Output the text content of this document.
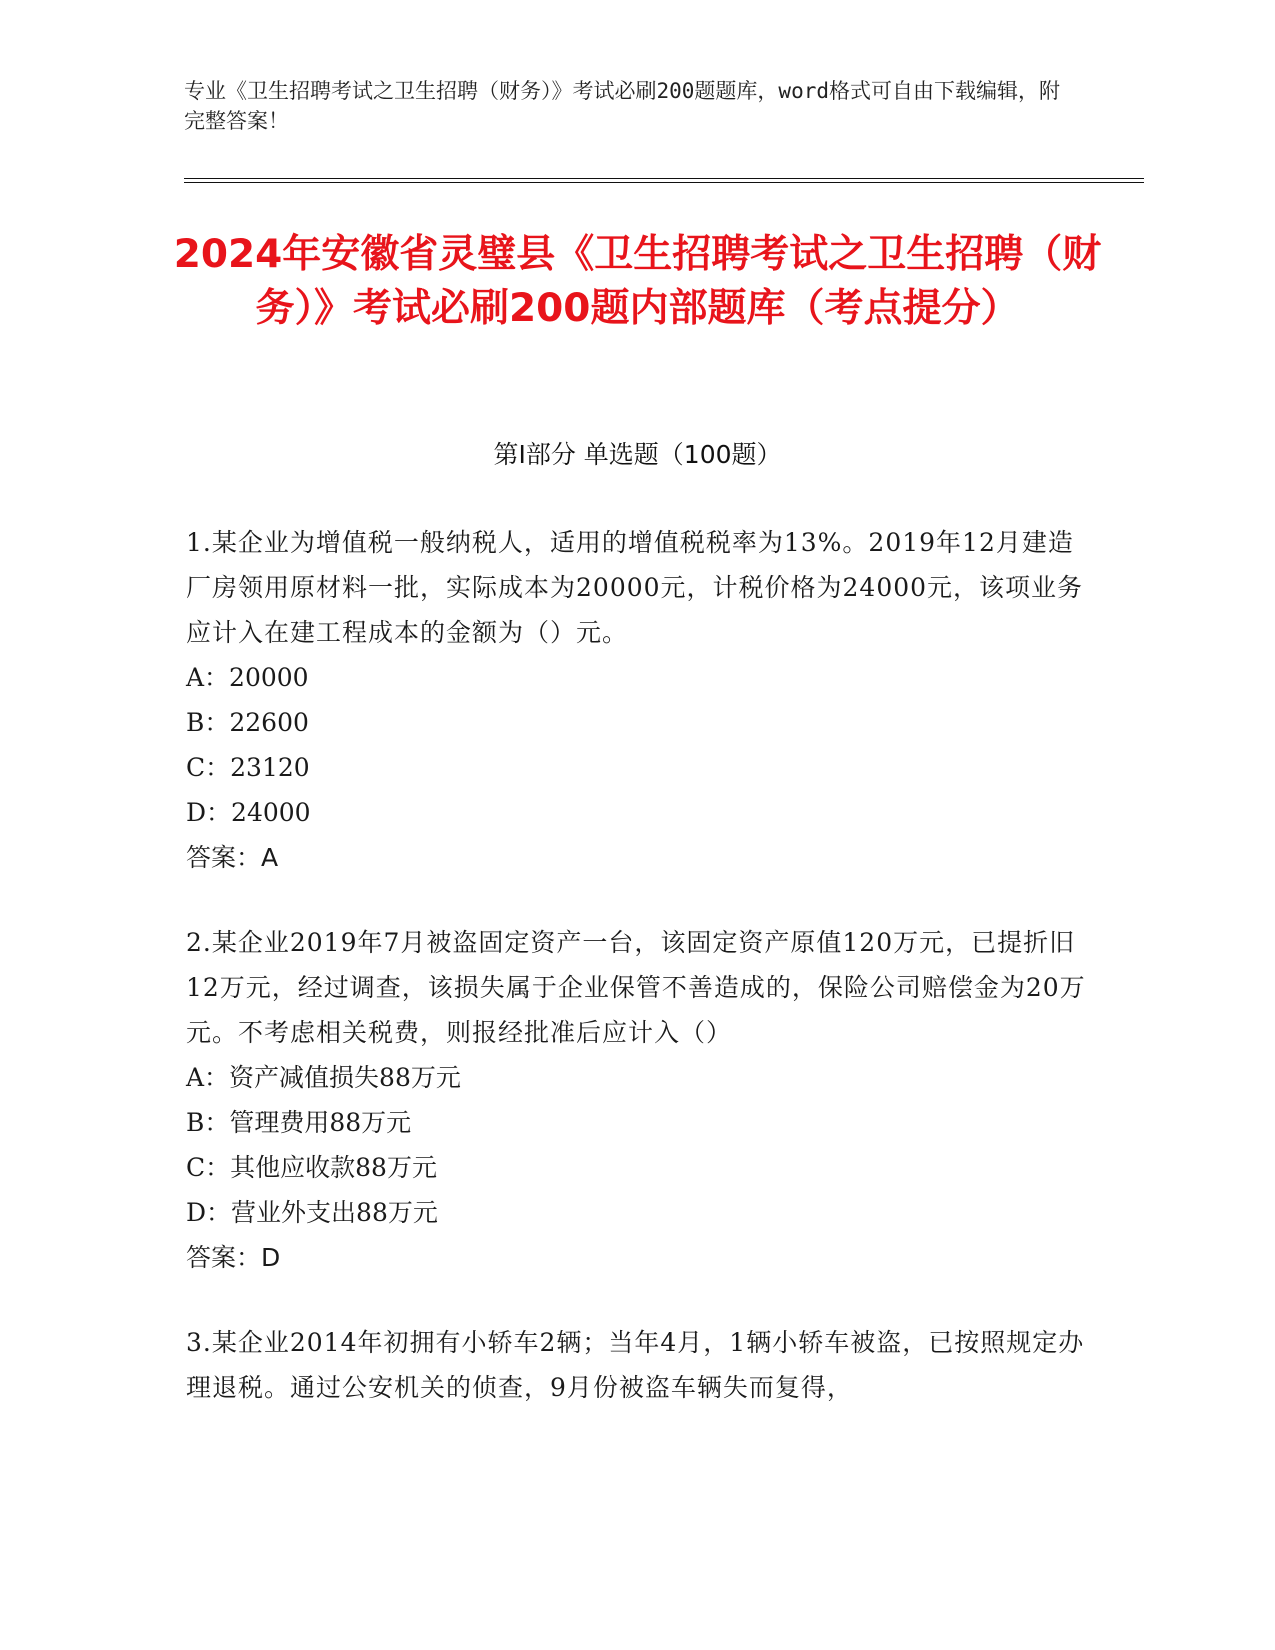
专业《卫生招聘考试之卫生招聘（财务）》考试必刷200题题库，word格式可自由下载编辑，附完整答案！
2024年安徽省灵璧县《卫生招聘考试之卫生招聘（财务）》考试必刷200题内部题库（考点提分）
第I部分 单选题（100题）
1.某企业为增值税一般纳税人，适用的增值税税率为13%。2019年12月建造厂房领用原材料一批，实际成本为20000元，计税价格为24000元，该项业务应计入在建工程成本的金额为（）元。
A：20000
B：22600
C：23120
D：24000
答案：A
2.某企业2019年7月被盗固定资产一台，该固定资产原值120万元，已提折旧12万元，经过调查，该损失属于企业保管不善造成的，保险公司赔偿金为20万元。不考虑相关税费，则报经批准后应计入（）
A：资产减值损失88万元
B：管理费用88万元
C：其他应收款88万元
D：营业外支出88万元
答案：D
3.某企业2014年初拥有小轿车2辆；当年4月，1辆小轿车被盗，已按照规定办理退税。通过公安机关的侦查，9月份被盗车辆失而复得，
